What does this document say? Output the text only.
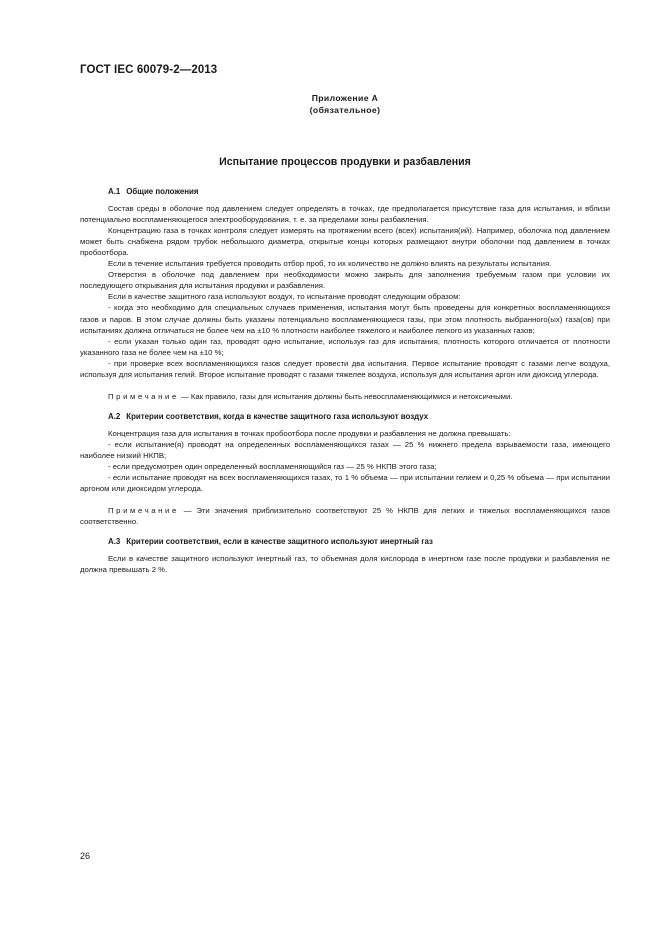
ГОСТ IEC 60079-2—2013
Приложение А
(обязательное)
Испытание процессов продувки и разбавления
А.1 Общие положения

Состав среды в оболочке под давлением следует определять в точках, где предполагается присутствие газа для испытания, и вблизи потенциально воспламеняющегося электрооборудования, т. е. за пределами зоны разбавления.

Концентрацию газа в точках контроля следует измерять на протяжении всего (всех) испытания(ий). Например, оболочка под давлением может быть снабжена рядом трубок небольшого диаметра, открытые концы которых размещают внутри оболочки под давлением в точках пробоотбора.

Если в течение испытания требуется проводить отбор проб, то их количество не должно влиять на результаты испытания.

Отверстия в оболочке под давлением при необходимости можно закрыть для заполнения требуемым газом при условии их последующего открывания для испытания продувки и разбавления.

Если в качестве защитного газа используют воздух, то испытание проводят следующим образом:

- когда это необходимо для специальных случаев применения, испытания могут быть проведены для конкретных воспламеняющихся газов и паров. В этом случае должны быть указаны потенциально воспламеняющиеся газы, при этом плотность выбранного(ых) газа(ов) при испытаниях должна отличаться не более чем на ±10 % плотности наиболее тяжелого и наиболее легкого из указанных газов;

- если указан только один газ, проводят одно испытание, используя газ для испытания, плотность которого отличается от плотности указанного газа не более чем на ±10 %;

- при проверке всех воспламеняющихся газов следует провести два испытания. Первое испытание проводят с газами легче воздуха, используя для испытания гелий. Второе испытание проводят с газами тяжелее воздуха, используя для испытания аргон или диоксид углерода.

Примечание — Как правило, газы для испытания должны быть невоспламеняющимися и нетоксичными.

А.2 Критерии соответствия, когда в качестве защитного газа используют воздух

Концентрация газа для испытания в точках пробоотбора после продувки и разбавления не должна превышать:

- если испытание(я) проводят на определенных воспламеняющихся газах — 25 % нижнего предела взрываемости газа, имеющего наиболее низкий НКПВ;

- если предусмотрен один определенный воспламеняющийся газ — 25 % НКПВ этого газа;

- если испытание проводят на всех воспламеняющихся газах, то 1 % объема — при испытании гелием и 0,25 % объема — при испытании аргоном или диоксидом углерода.

Примечание — Эти значения приблизительно соответствуют 25 % НКПВ для легких и тяжелых воспламеняющихся газов соответственно.

А.3 Критерии соответствия, если в качестве защитного используют инертный газ

Если в качестве защитного используют инертный газ, то объемная доля кислорода в инертном газе после продувки и разбавления не должна превышать 2 %.

26
